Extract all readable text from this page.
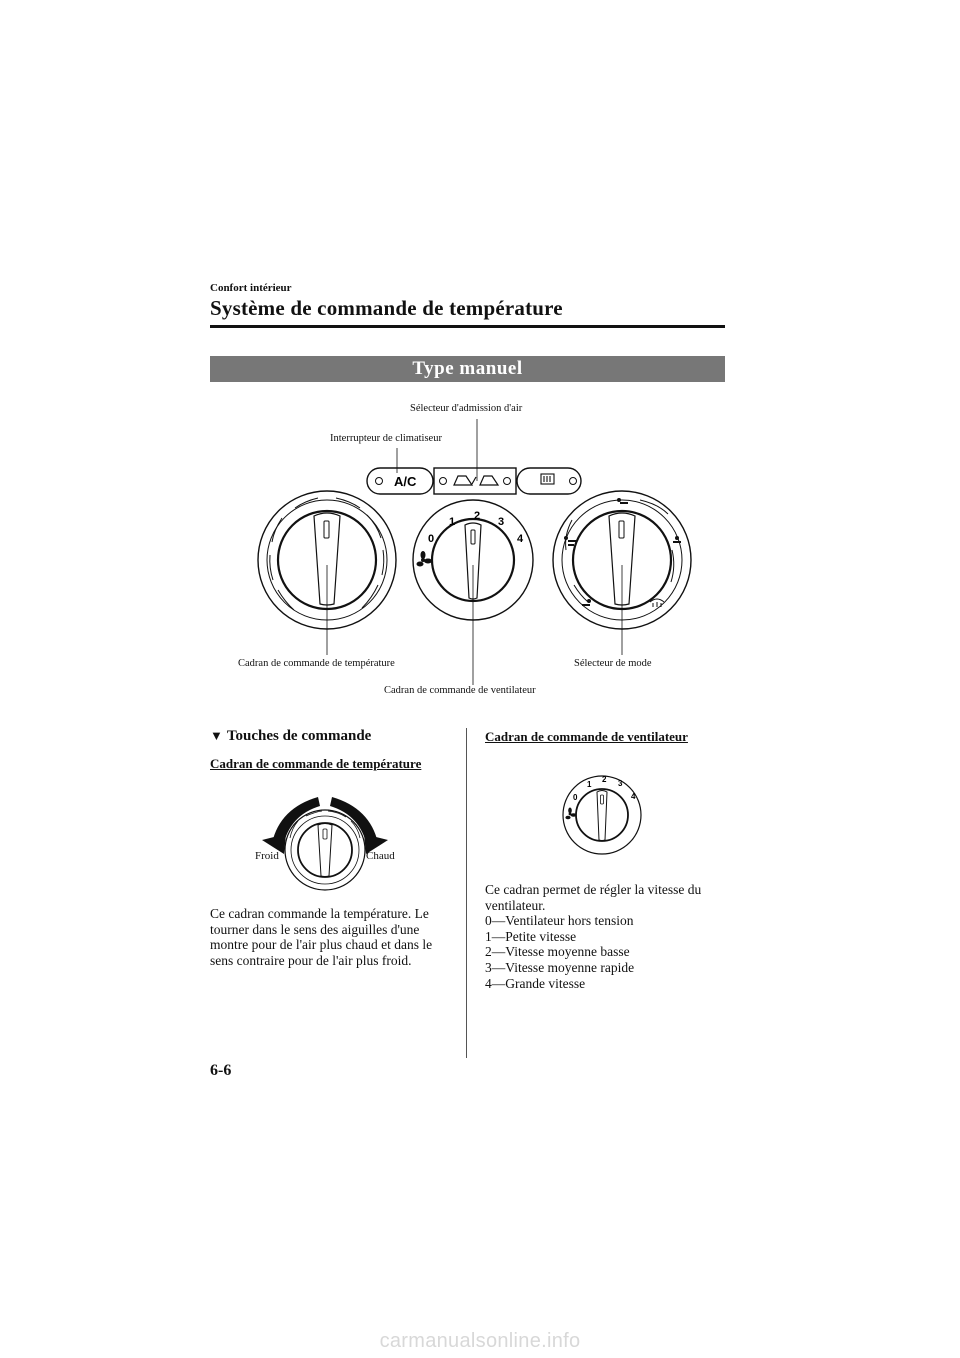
Confort intérieur
Système de commande de température
Type manuel
A/C
0
1 2 3
4
Sélecteur d'admission d'air
Interrupteur de climatiseur
Cadran de commande de température	Sélecteur de mode
Cadran de commande de ventilateur
▼ Touches de commande
Cadran de commande de température
Froid	Chaud
Ce cadran commande la température. Le
tourner dans le sens des aiguilles d'une
montre pour de l'air plus chaud et dans le
sens contraire pour de l'air plus froid.
Cadran de commande de ventilateur
0
1
2 3
4
Ce cadran permet de régler la vitesse du
ventilateur.
0—Ventilateur hors tension
1—Petite vitesse
2—Vitesse moyenne basse
3—Vitesse moyenne rapide
4—Grande vitesse
6-6
carmanualsonline.info
